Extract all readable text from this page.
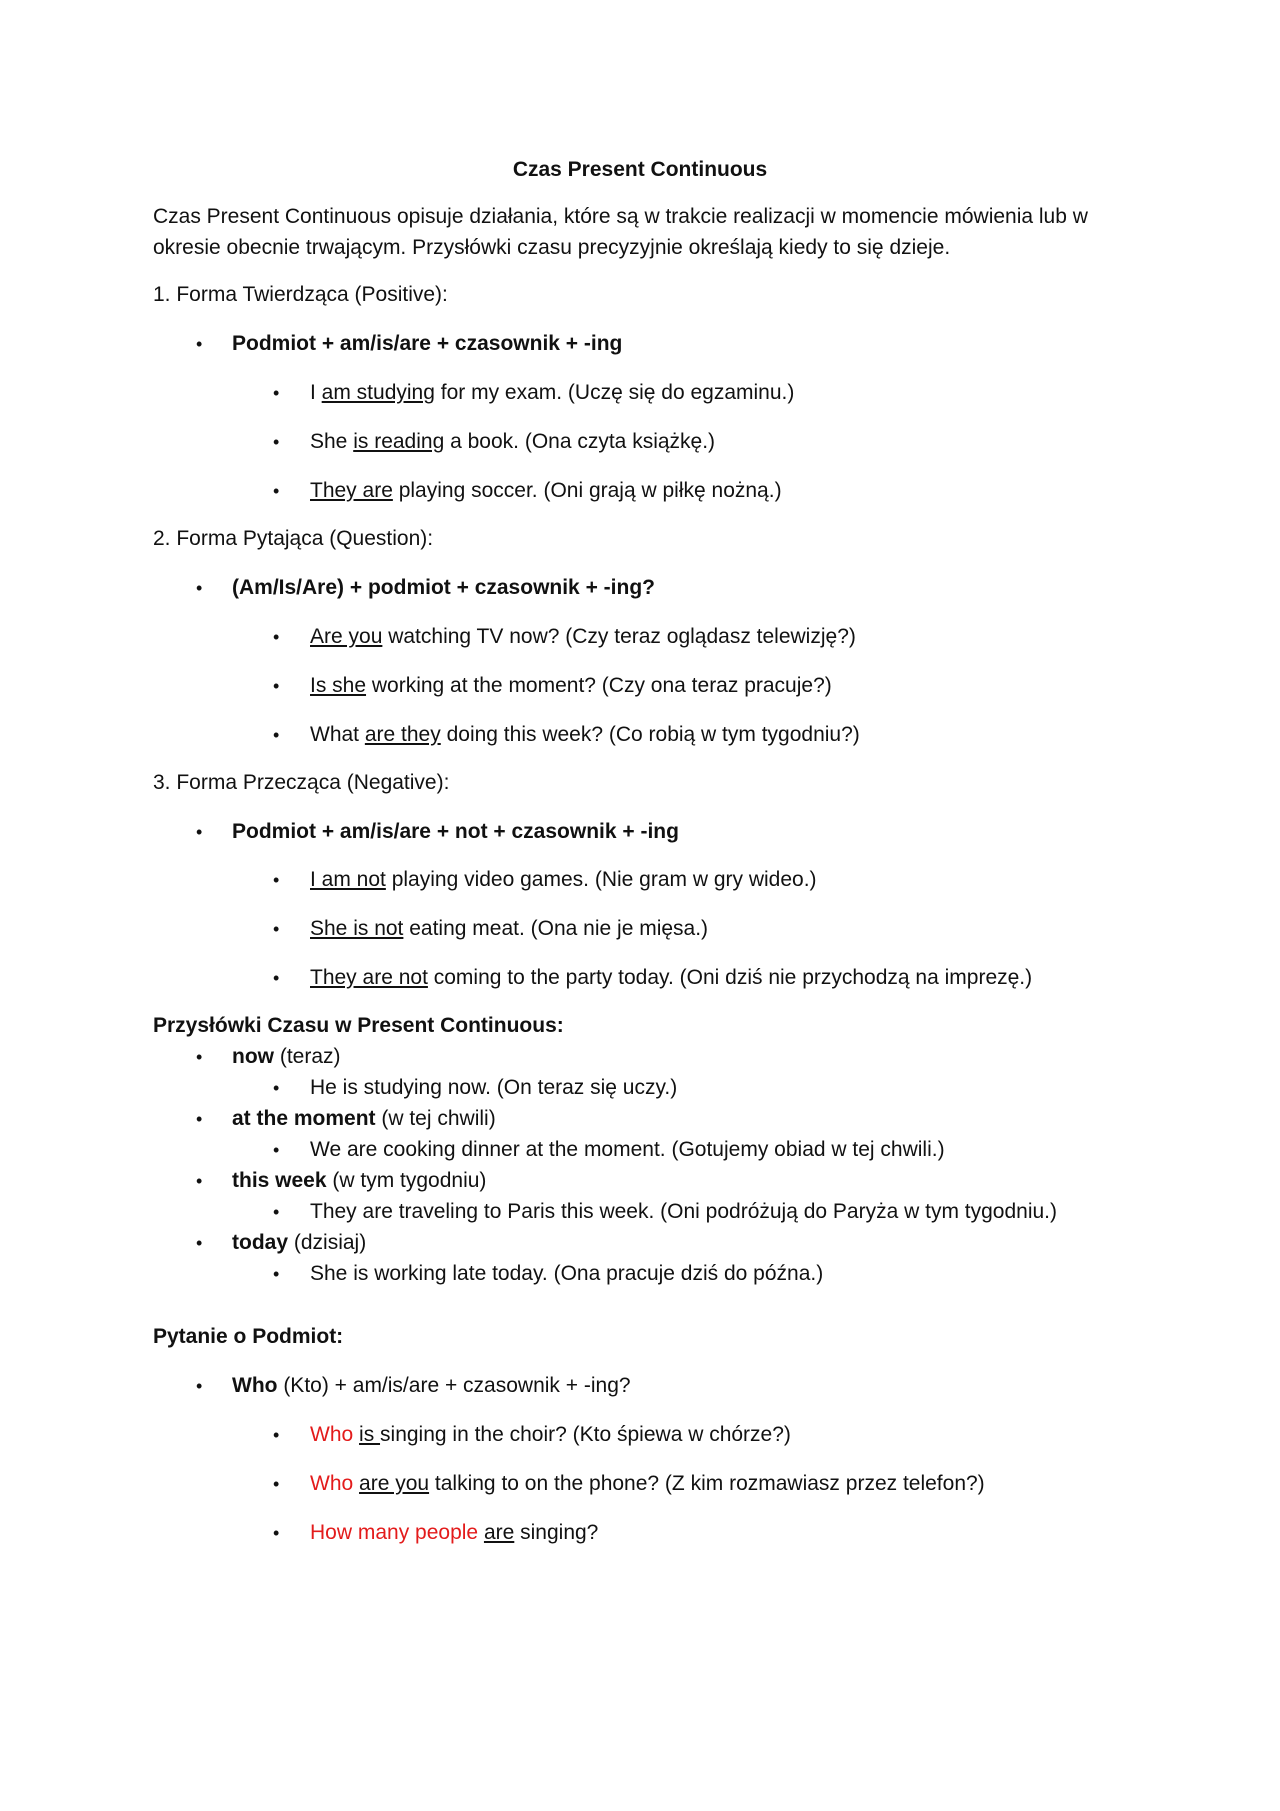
Czas Present Continuous
Czas Present Continuous opisuje działania, które są w trakcie realizacji w momencie mówienia lub w okresie obecnie trwającym. Przysłówki czasu precyzyjnie określają kiedy to się dzieje.
1. Forma Twierdząca (Positive):
• Podmiot + am/is/are + czasownik + -ing
• I am studying for my exam. (Uczę się do egzaminu.)
• She is reading a book. (Ona czyta książkę.)
• They are playing soccer. (Oni grają w piłkę nożną.)
2. Forma Pytająca (Question):
• (Am/Is/Are) + podmiot + czasownik + -ing?
• Are you watching TV now? (Czy teraz oglądasz telewizję?)
• Is she working at the moment? (Czy ona teraz pracuje?)
• What are they doing this week? (Co robią w tym tygodniu?)
3. Forma Przecząca (Negative):
• Podmiot + am/is/are + not + czasownik + -ing
• I am not playing video games. (Nie gram w gry wideo.)
• She is not eating meat. (Ona nie je mięsa.)
• They are not coming to the party today. (Oni dziś nie przychodzą na imprezę.)
Przysłówki Czasu w Present Continuous:
• now (teraz)
• He is studying now. (On teraz się uczy.)
• at the moment (w tej chwili)
• We are cooking dinner at the moment. (Gotujemy obiad w tej chwili.)
• this week (w tym tygodniu)
• They are traveling to Paris this week. (Oni podróżują do Paryża w tym tygodniu.)
• today (dzisiaj)
• She is working late today. (Ona pracuje dziś do późna.)
Pytanie o Podmiot:
• Who (Kto) + am/is/are + czasownik + -ing?
• Who is singing in the choir? (Kto śpiewa w chórze?)
• Who are you talking to on the phone? (Z kim rozmawiasz przez telefon?)
• How many people are singing?
